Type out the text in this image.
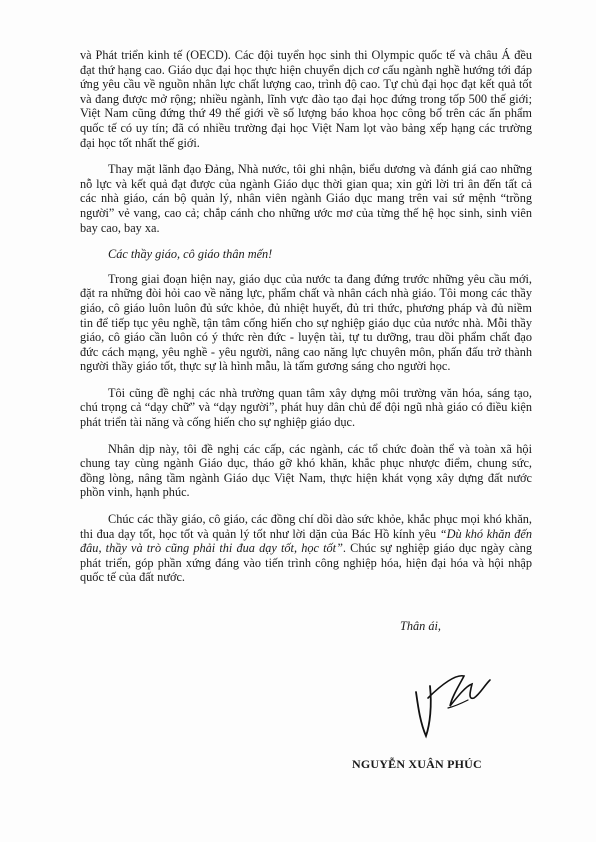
và Phát triển kinh tế (OECD). Các đội tuyển học sinh thi Olympic quốc tế và châu Á đều đạt thứ hạng cao. Giáo dục đại học thực hiện chuyển dịch cơ cấu ngành nghề hướng tới đáp ứng yêu cầu về nguồn nhân lực chất lượng cao, trình độ cao. Tự chủ đại học đạt kết quả tốt và đang được mở rộng; nhiều ngành, lĩnh vực đào tạo đại học đứng trong tốp 500 thế giới; Việt Nam cũng đứng thứ 49 thế giới về số lượng báo khoa học công bố trên các ấn phẩm quốc tế có uy tín; đã có nhiều trường đại học Việt Nam lọt vào bảng xếp hạng các trường đại học tốt nhất thế giới.

Thay mặt lãnh đạo Đảng, Nhà nước, tôi ghi nhận, biểu dương và đánh giá cao những nỗ lực và kết quả đạt được của ngành Giáo dục thời gian qua; xin gửi lời tri ân đến tất cả các nhà giáo, cán bộ quản lý, nhân viên ngành Giáo dục mang trên vai sứ mệnh “trồng người” vẻ vang, cao cả; chắp cánh cho những ước mơ của từng thế hệ học sinh, sinh viên bay cao, bay xa.

Các thầy giáo, cô giáo thân mến!

Trong giai đoạn hiện nay, giáo dục của nước ta đang đứng trước những yêu cầu mới, đặt ra những đòi hỏi cao về năng lực, phẩm chất và nhân cách nhà giáo. Tôi mong các thầy giáo, cô giáo luôn luôn đủ sức khỏe, đủ nhiệt huyết, đủ tri thức, phương pháp và đủ niềm tin để tiếp tục yêu nghề, tận tâm cống hiến cho sự nghiệp giáo dục của nước nhà. Mỗi thầy giáo, cô giáo cần luôn có ý thức rèn đức - luyện tài, tự tu dưỡng, trau dồi phẩm chất đạo đức cách mạng, yêu nghề - yêu người, nâng cao năng lực chuyên môn, phấn đấu trở thành người thầy giáo tốt, thực sự là hình mẫu, là tấm gương sáng cho người học.

Tôi cũng đề nghị các nhà trường quan tâm xây dựng môi trường văn hóa, sáng tạo, chú trọng cả “dạy chữ” và “dạy người”, phát huy dân chủ để đội ngũ nhà giáo có điều kiện phát triển tài năng và cống hiến cho sự nghiệp giáo dục.

Nhân dịp này, tôi đề nghị các cấp, các ngành, các tổ chức đoàn thể và toàn xã hội chung tay cùng ngành Giáo dục, tháo gỡ khó khăn, khắc phục nhược điểm, chung sức, đồng lòng, nâng tầm ngành Giáo dục Việt Nam, thực hiện khát vọng xây dựng đất nước phồn vinh, hạnh phúc.

Chúc các thầy giáo, cô giáo, các đồng chí dồi dào sức khỏe, khắc phục mọi khó khăn, thi đua dạy tốt, học tốt và quản lý tốt như lời dặn của Bác Hồ kính yêu “Dù khó khăn đến đâu, thầy và trò cũng phải thi đua dạy tốt, học tốt”. Chúc sự nghiệp giáo dục ngày càng phát triển, góp phần xứng đáng vào tiến trình công nghiệp hóa, hiện đại hóa và hội nhập quốc tế của đất nước.

Thân ái,
NGUYỄN XUÂN PHÚC
